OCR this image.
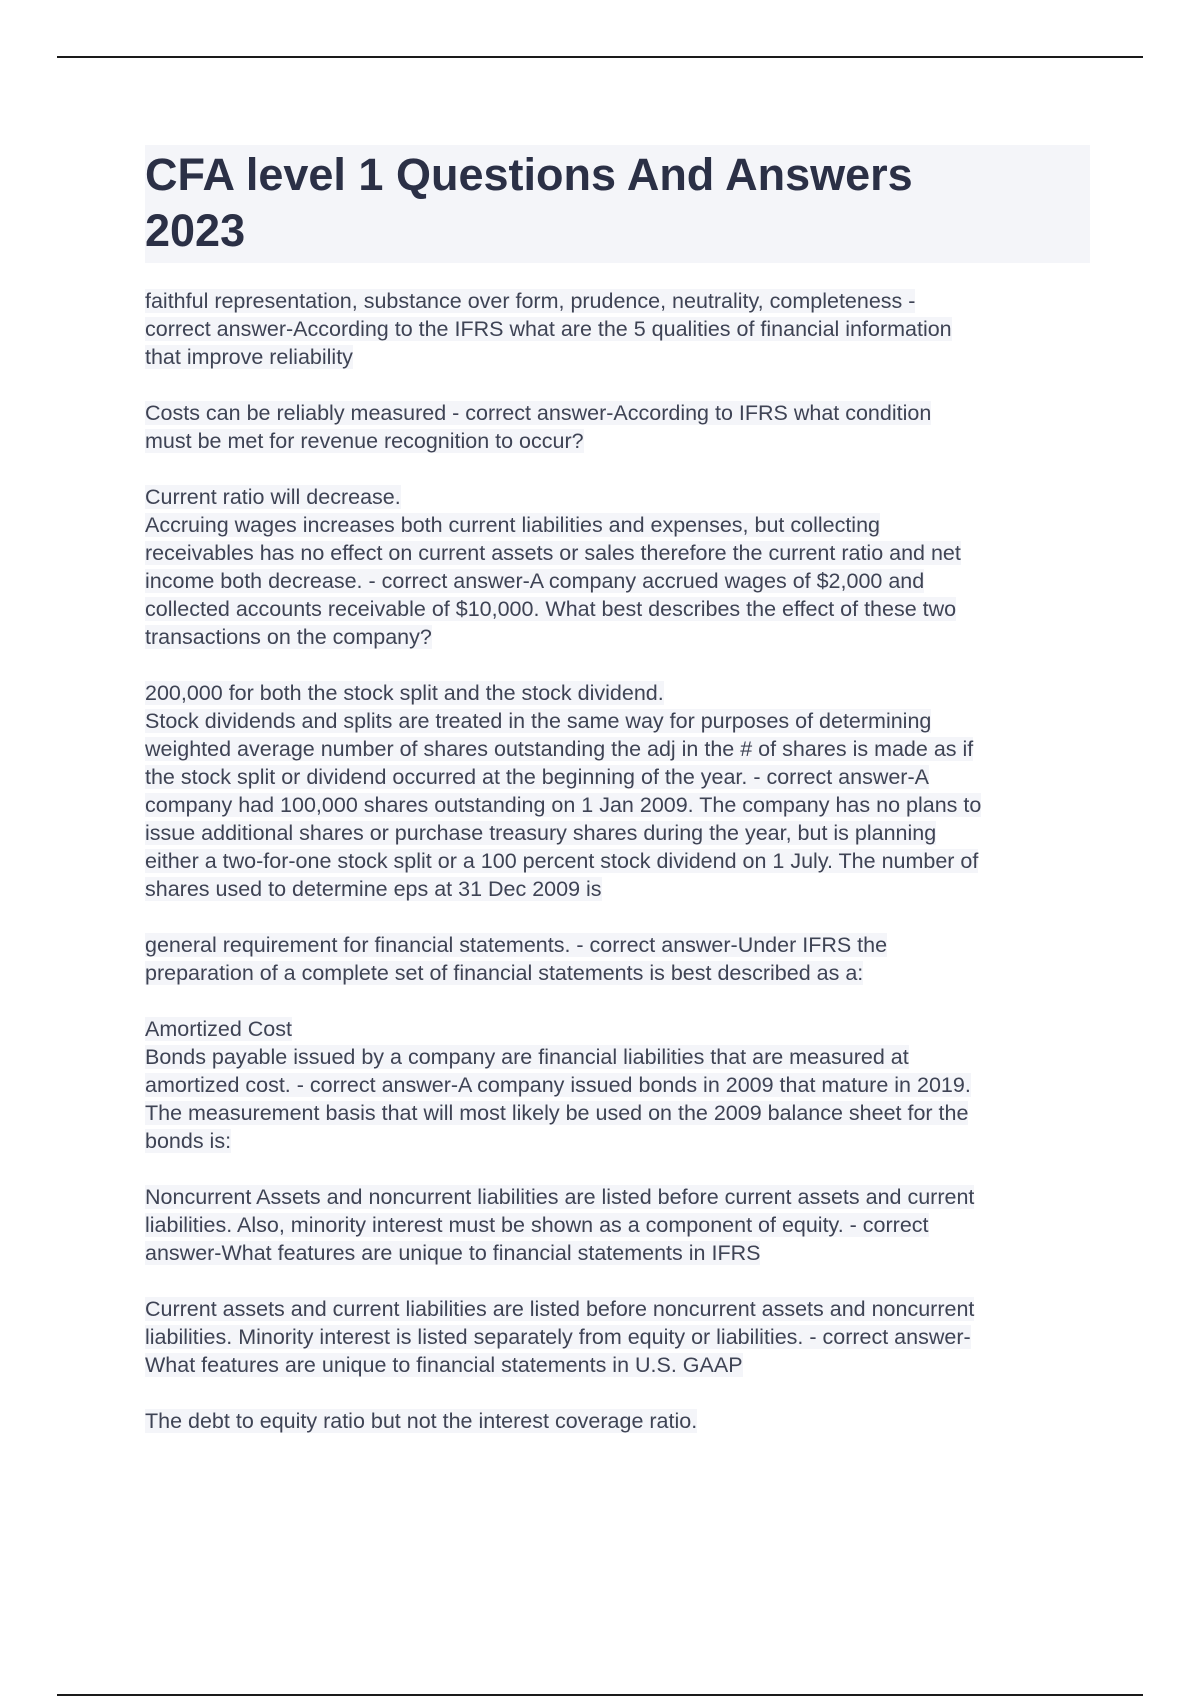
CFA level 1 Questions And Answers
2023

faithful representation, substance over form, prudence, neutrality, completeness -
correct answer-According to the IFRS what are the 5 qualities of financial information
that improve reliability

Costs can be reliably measured - correct answer-According to IFRS what condition
must be met for revenue recognition to occur?

Current ratio will decrease.
Accruing wages increases both current liabilities and expenses, but collecting
receivables has no effect on current assets or sales therefore the current ratio and net
income both decrease. - correct answer-A company accrued wages of $2,000 and
collected accounts receivable of $10,000. What best describes the effect of these two
transactions on the company?

200,000 for both the stock split and the stock dividend.
Stock dividends and splits are treated in the same way for purposes of determining
weighted average number of shares outstanding the adj in the # of shares is made as if
the stock split or dividend occurred at the beginning of the year. - correct answer-A
company had 100,000 shares outstanding on 1 Jan 2009. The company has no plans to
issue additional shares or purchase treasury shares during the year, but is planning
either a two-for-one stock split or a 100 percent stock dividend on 1 July. The number of
shares used to determine eps at 31 Dec 2009 is

general requirement for financial statements. - correct answer-Under IFRS the
preparation of a complete set of financial statements is best described as a:

Amortized Cost
Bonds payable issued by a company are financial liabilities that are measured at
amortized cost. - correct answer-A company issued bonds in 2009 that mature in 2019.
The measurement basis that will most likely be used on the 2009 balance sheet for the
bonds is:

Noncurrent Assets and noncurrent liabilities are listed before current assets and current
liabilities. Also, minority interest must be shown as a component of equity. - correct
answer-What features are unique to financial statements in IFRS

Current assets and current liabilities are listed before noncurrent assets and noncurrent
liabilities. Minority interest is listed separately from equity or liabilities. - correct answer-
What features are unique to financial statements in U.S. GAAP

The debt to equity ratio but not the interest coverage ratio.
